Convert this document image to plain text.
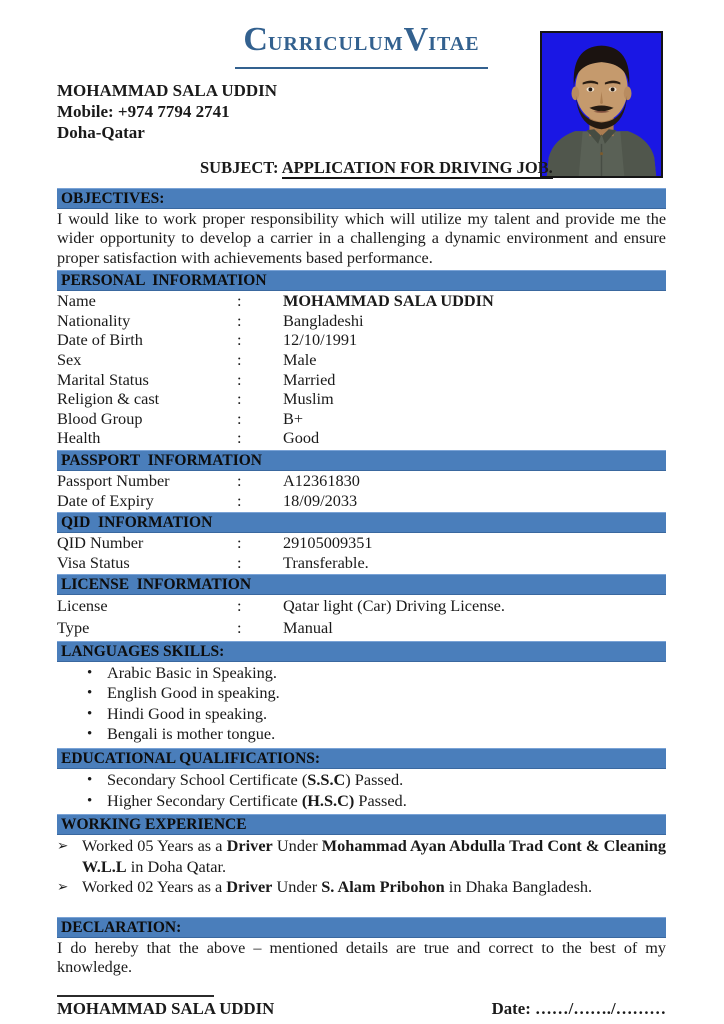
CURRICULUMVITAE
MOHAMMAD SALA UDDIN
Mobile: +974 7794 2741
Doha-Qatar
SUBJECT: APPLICATION FOR DRIVING JOB.
OBJECTIVES:
I would like to work proper responsibility which will utilize my talent and provide me the wider opportunity to develop a carrier in a challenging a dynamic environment and ensure proper satisfaction with achievements based performance.
PERSONAL  INFORMATION
Name	:	MOHAMMAD SALA UDDIN
Nationality	:	Bangladeshi
Date of Birth	:	12/10/1991
Sex	:	Male
Marital Status	:	Married
Religion & cast	:	Muslim
Blood Group	:	B+
Health	:	Good
PASSPORT  INFORMATION
Passport Number	:	A12361830
Date of Expiry	:	18/09/2033
QID  INFORMATION
QID Number	:	29105009351
Visa Status	:	Transferable.
LICENSE  INFORMATION
License	:	Qatar light (Car) Driving License.
Type	:	Manual
LANGUAGES SKILLS:
• Arabic Basic in Speaking.
• English Good in speaking.
• Hindi Good in speaking.
• Bengali is mother tongue.
EDUCATIONAL QUALIFICATIONS:
• Secondary School Certificate (S.S.C) Passed.
• Higher Secondary Certificate (H.S.C) Passed.
WORKING EXPERIENCE
➢ Worked 05 Years as a Driver Under Mohammad Ayan Abdulla Trad Cont & Cleaning W.L.L in Doha Qatar.
➢ Worked 02 Years as a Driver Under S. Alam Pribohon in Dhaka Bangladesh.
DECLARATION:
I do hereby that the above – mentioned details are true and correct to the best of my knowledge.
MOHAMMAD SALA UDDIN	Date: ……/……./………
